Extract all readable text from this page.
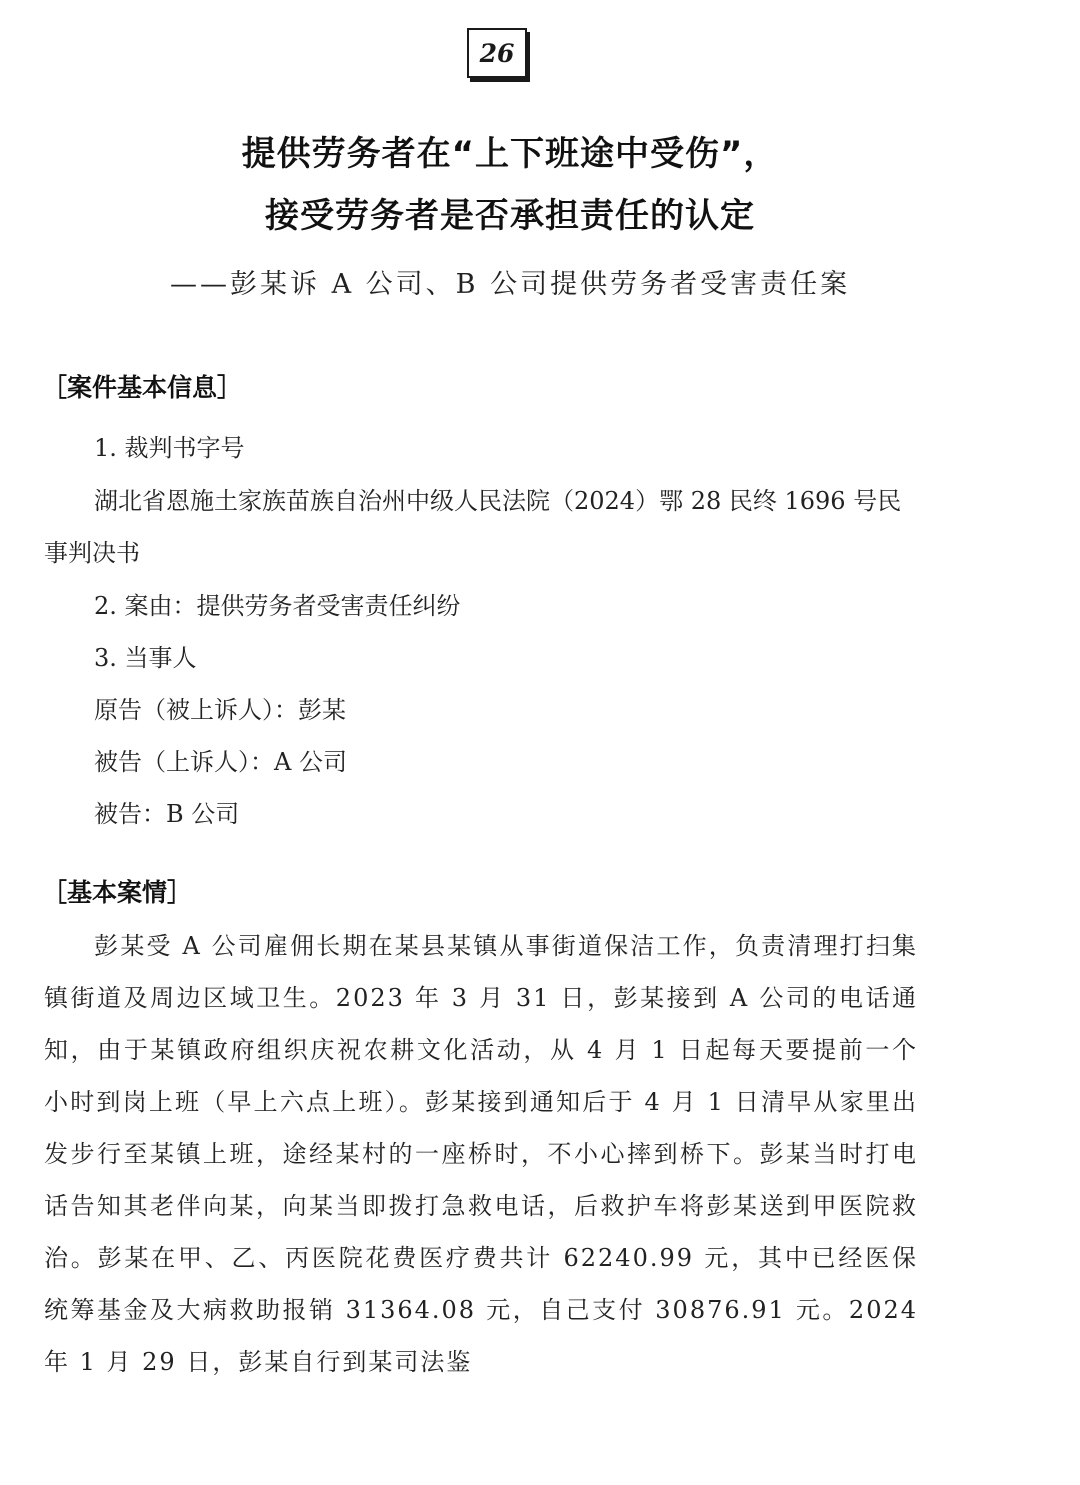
26
提供劳务者在“上下班途中受伤”，
接受劳务者是否承担责任的认定
——彭某诉 A 公司、B 公司提供劳务者受害责任案
［案件基本信息］
1. 裁判书字号
湖北省恩施土家族苗族自治州中级人民法院（2024）鄂 28 民终 1696 号民
事判决书
2. 案由：提供劳务者受害责任纠纷
3. 当事人
原告（被上诉人）：彭某
被告（上诉人）：A 公司
被告：B 公司
［基本案情］
彭某受 A 公司雇佣长期在某县某镇从事街道保洁工作，负责清理打扫集镇街道及周边区域卫生。2023 年 3 月 31 日，彭某接到 A 公司的电话通知，由于某镇政府组织庆祝农耕文化活动，从 4 月 1 日起每天要提前一个小时到岗上班（早上六点上班）。彭某接到通知后于 4 月 1 日清早从家里出发步行至某镇上班，途经某村的一座桥时，不小心摔到桥下。彭某当时打电话告知其老伴向某，向某当即拨打急救电话，后救护车将彭某送到甲医院救治。彭某在甲、乙、丙医院花费医疗费共计 62240.99 元，其中已经医保统筹基金及大病救助报销 31364.08 元，自己支付 30876.91 元。2024 年 1 月 29 日，彭某自行到某司法鉴
